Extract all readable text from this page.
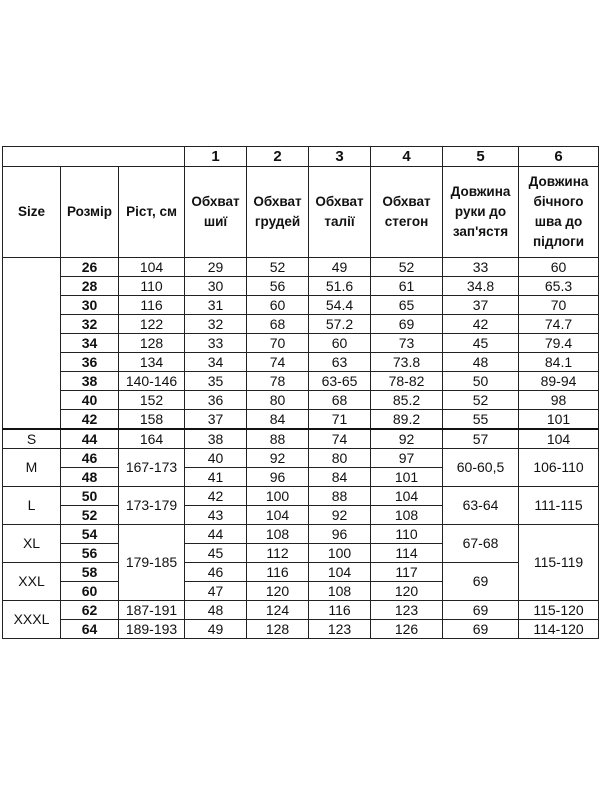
			1	2	3	4	5	6
Size	Розмір	Ріст, см	Обхват шиї	Обхват грудей	Обхват талії	Обхват стегон	Довжина руки до зап'ястя	Довжина бічного шва до підлоги
	26	104	29	52	49	52	33	60
	28	110	30	56	51.6	61	34.8	65.3
	30	116	31	60	54.4	65	37	70
	32	122	32	68	57.2	69	42	74.7
	34	128	33	70	60	73	45	79.4
	36	134	34	74	63	73.8	48	84.1
	38	140-146	35	78	63-65	78-82	50	89-94
	40	152	36	80	68	85.2	52	98
	42	158	37	84	71	89.2	55	101
S	44	164	38	88	74	92	57	104
M	46	167-173	40	92	80	97	60-60,5	106-110
	48		41	96	84	101		
L	50	173-179	42	100	88	104	63-64	111-115
	52		43	104	92	108		
XL	54	179-185	44	108	96	110	67-68	115-119
	56		45	112	100	114		
XXL	58		46	116	104	117	69	
	60		47	120	108	120		
XXXL	62	187-191	48	124	116	123	69	115-120
	64	189-193	49	128	123	126	69	114-120
